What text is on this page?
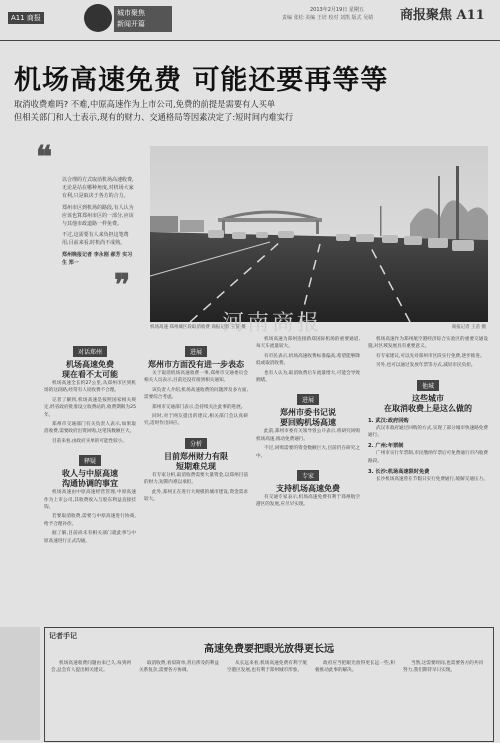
A11 商报
城市聚焦
新闻开篇
2013年2月19日 星期五
责编 张松 美编 王培 校对 刘凯 版式 吴婧	商报聚焦 A11
机场高速免费 可能还要再等等
取消收费难吗? 不难,中原高速作为上市公司,免费的前提是需要有人买单
但相关部门和人士表示,现有的财力、交通格局等因素决定了:短时间内难实行
❝

以合理的方式取消机场高速收费,无论是站在哪种角度,对机场大家有利,只是取决于各方的合力。

郑州市区到机场的路段,有人认为应该也算郑州市区的一部分,应该与其他市政道路一样免费。

不过,这需要有人来负担这笔费用,目前来看,时机尚不成熟。

郑州晚报记者 李永刚 郝芳 实习生 郑一

❞
河南商报
机场高速 郑州城区段取消收费 商报记者 王苗 摄	商报记者 王苗 摄
对话郑州
机场高速免费
现在看不太可能

机场高速全长约27公里,从郑州市区到机场的这段路,经常有人说收费不合理。

记者了解到,机场高速是按照国家相关规定,经省政府批准设立收费站的,收费期限为25年。

郑州市交通部门有关负责人表示,如果取消收费,需要政府出资回购,这笔钱数额巨大。

目前来看,由政府买单的可能性较小。

释疑
收人与中原高速
沟通协调的事宜

机场高速由中原高速经营管理,中原高速作为上市公司,其收费收入与股东利益直接挂钩。

若要取消收费,需要与中原高速进行协商,给予合理补偿。

据了解,目前尚未有相关部门就此事与中原高速进行正式沟通。

进展
郑州市方面没有进一步表态

关于取消机场高速收费一事,郑州市交通委员会相关人员表示,目前还没有接到相关通知。

该负责人介绍,机场高速收费的问题涉及多方面,需要综合考虑。

郑州市交通部门表示,会持续关注此事的进展。

同时,对于网友提出的建议,相关部门会认真研究,适时作出回应。

分析
目前郑州财力有限
短期难兑现

有专家分析,取消收费需要大量资金,以郑州目前的财力,短期内难以承担。

此外,郑州正在进行大规模的城市建设,资金需求较大。

机场高速为郑州连接新郑国际机场的重要通道,每天车流量较大。

有市民表示,机场高速收费标准偏高,希望能够降低或取消收费。

也有人认为,取消收费后车流量增大,可能会导致拥堵。

进展
郑州市委书记说
要回购机场高速

此前,郑州市委有关领导曾公开表示,将研究回购机场高速,推动免费通行。

不过,回购需要的资金数额巨大,目前仍在研究之中。

专家
支持机场高速免费

有交通专家表示,机场高速免费有利于郑州航空港区的发展,应尽早实现。

机场高速作为郑州航空港经济综合实验区的重要交通设施,对区域发展具有重要意义。

有专家建议,可以先对郑州市区段实行免费,逐步推进。

另外,也可以通过发放年票等方式,减轻市民负担。

他城
这些城市
在取消收费上是这么做的
1. 武汉:政府回购

武汉市政府通过回购的方式,实现了部分城市快速路免费通行。

2. 广州:年票制

广州市实行年票制,市民缴纳年票后可免费通行市内收费路段。

3. 长沙:机场高速限时免费

长沙机场高速曾在节假日实行免费通行,缓解交通压力。

记者手记
高速免费要把眼光放得更长远

机场高速收费问题由来已久,每到两会,总会有人提出相关建议。

取消收费,看似简单,背后涉及的利益关系复杂,需要各方协调。

从长远来看,机场高速免费有利于航空港区发展,也有利于郑州城市形象。

政府应当把眼光放得更长远一些,积极推动此事的解决。

当然,这需要时间,也需要各方的共同努力,我们期待早日实现。
